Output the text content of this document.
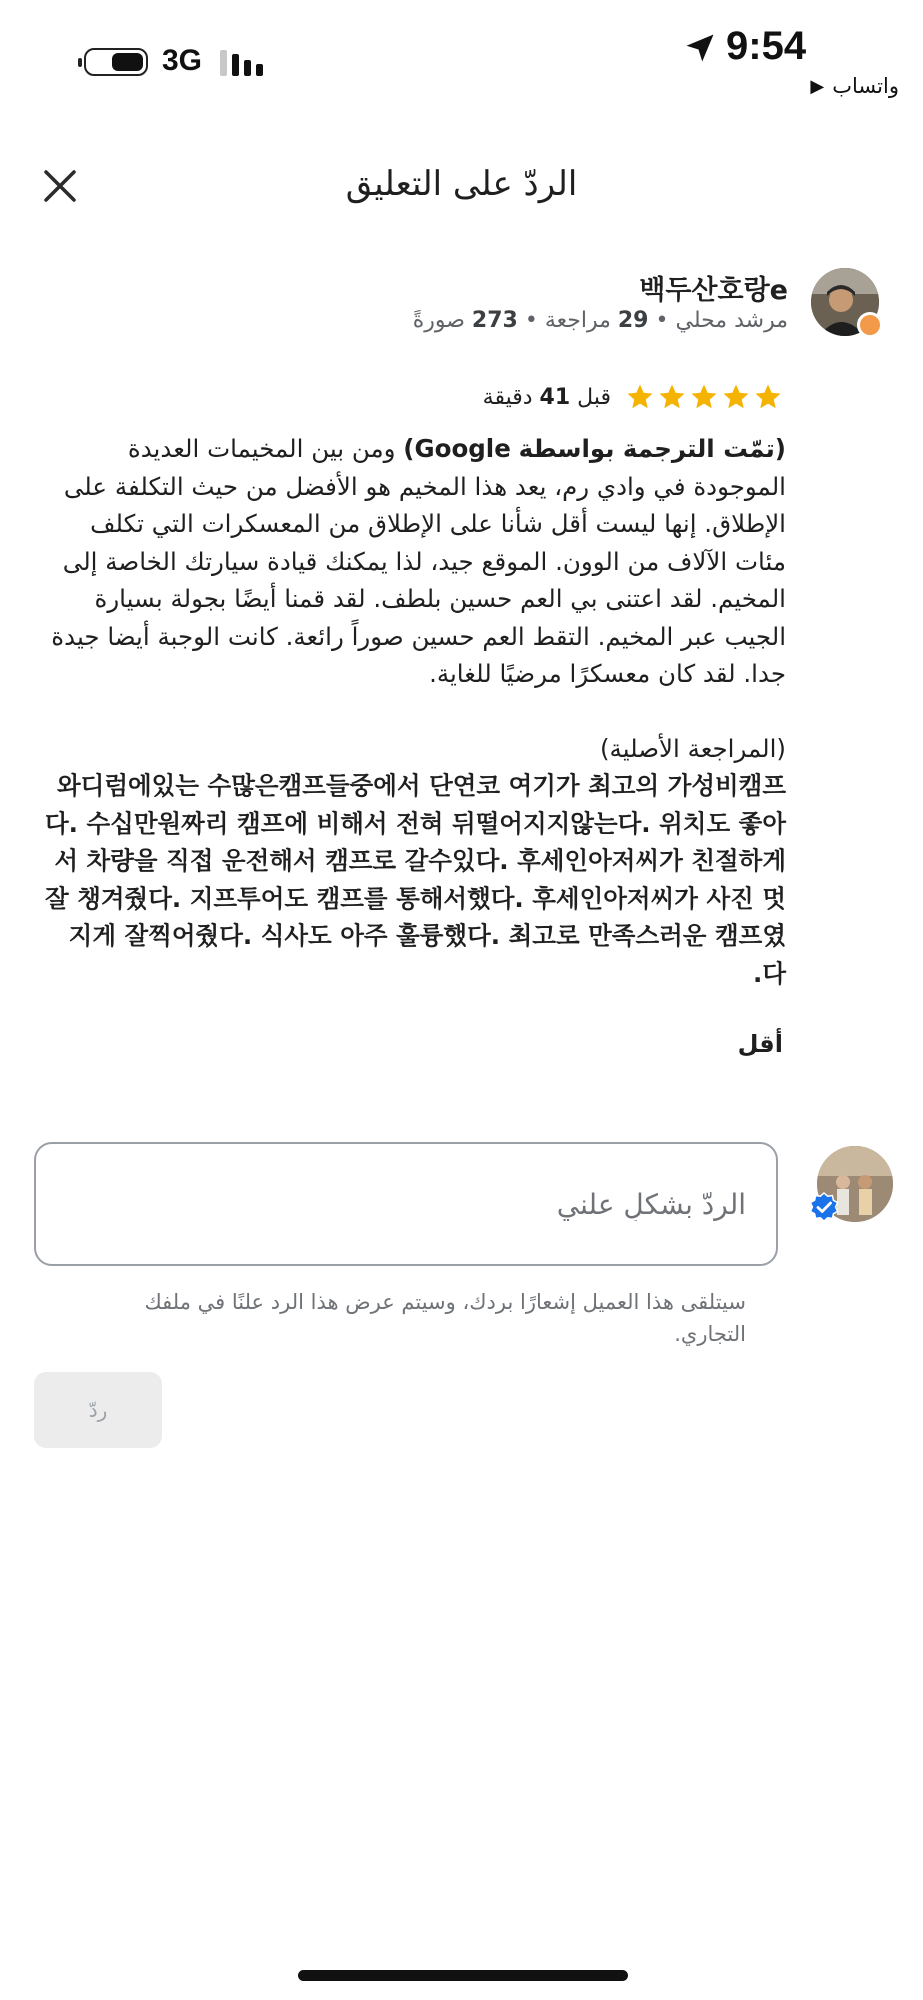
3G	9:54
واتساب
▶
الردّ على التعليق
백두산호랑e
مرشد محلي • 29 مراجعة • 273 صورةً
قبل 41 دقيقة

(تمّت الترجمة بواسطة Google) ومن بين المخيمات العديدة الموجودة في وادي رم، يعد هذا المخيم هو الأفضل من حيث التكلفة على الإطلاق. إنها ليست أقل شأنا على الإطلاق من المعسكرات التي تكلف مئات الآلاف من الوون. الموقع جيد، لذا يمكنك قيادة سيارتك الخاصة إلى المخيم. لقد اعتنى بي العم حسين بلطف. لقد قمنا أيضًا بجولة بسيارة الجيب عبر المخيم. التقط العم حسين صوراً رائعة. كانت الوجبة أيضا جيدة جدا. لقد كان معسكرًا مرضيًا للغاية.

(المراجعة الأصلية)

와디럼에있는 수많은캠프들중에서 단연코 여기가 최고의 가성비캠프다. 수십만원짜리 캠프에 비해서 전혀 뒤떨어지지않는다. 위치도 좋아서 차량을 직접 운전해서 캠프로 갈수있다. 후세인아저씨가 친절하게 잘 챙겨줬다. 지프투어도 캠프를 통해서했다. 후세인아저씨가 사진 멋지게 잘찍어줬다. 식사도 아주 훌륭했다. 최고로 만족스러운 캠프였다.

أقل
الردّ بشكلٍ علني
سيتلقى هذا العميل إشعارًا بردك، وسيتم عرض هذا الرد علنًا في ملفك التجاري.
ردّ
